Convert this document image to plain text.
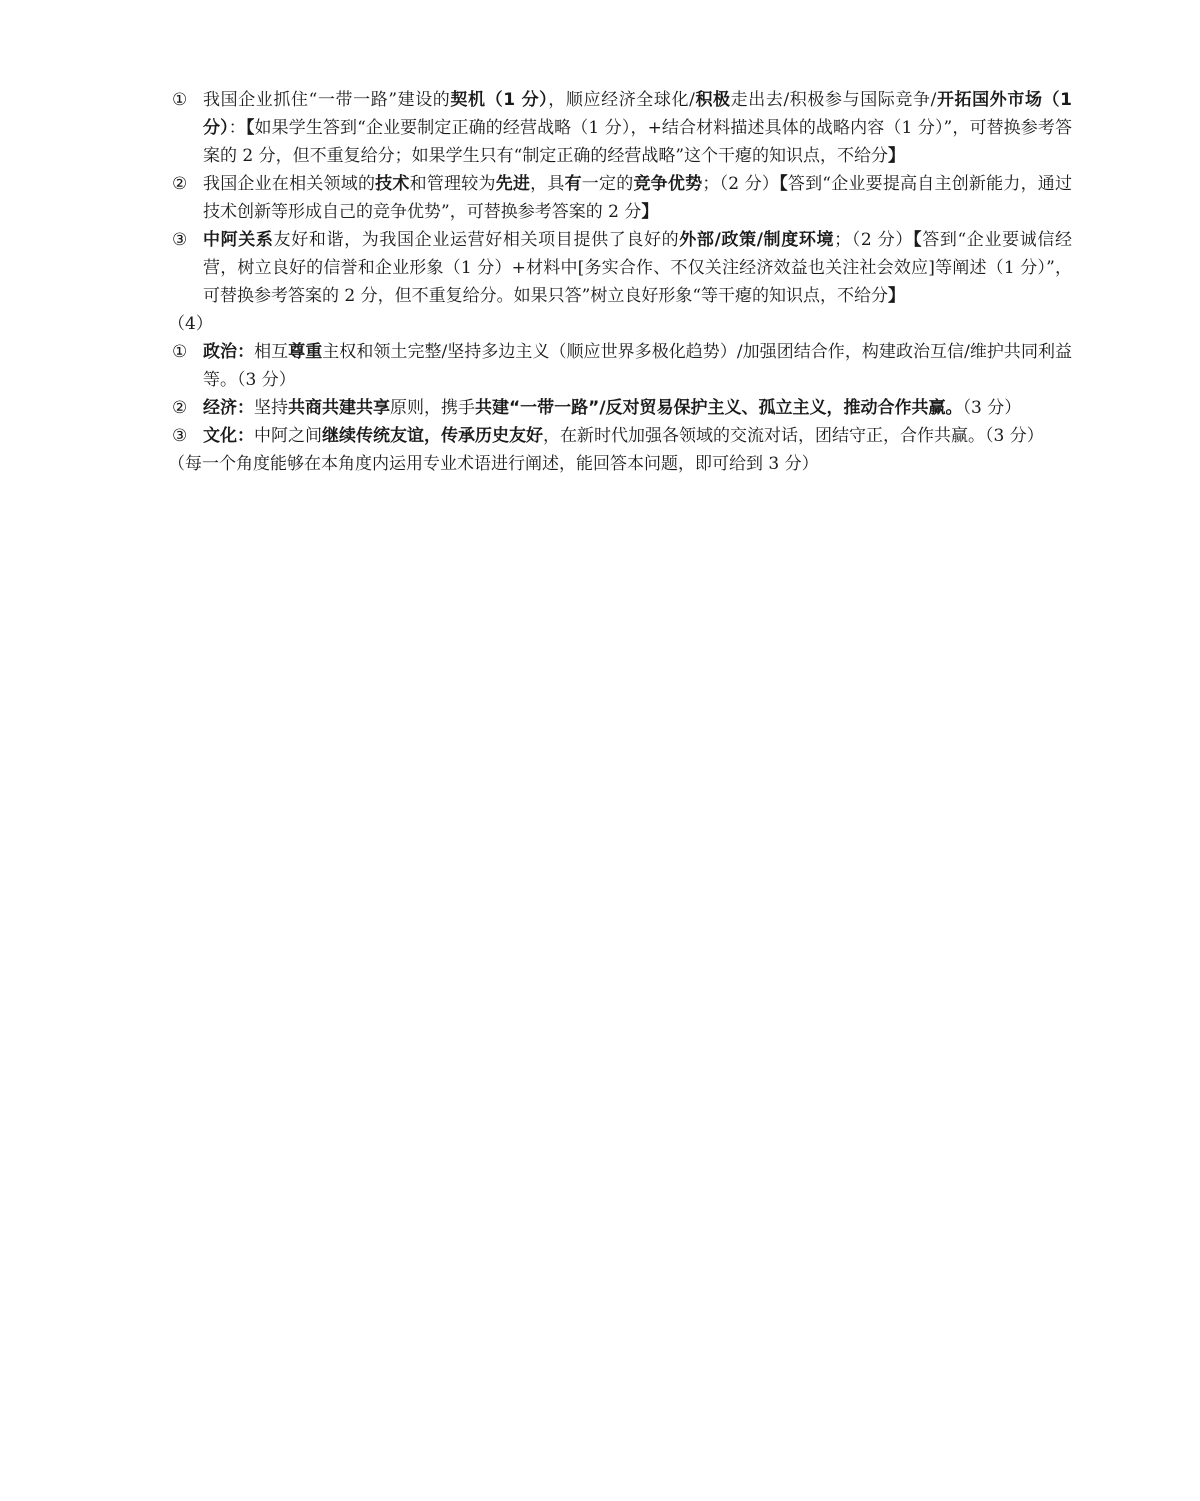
① 我国企业抓住“一带一路”建设的契机（1 分），顺应经济全球化/积极走出去/积极参与国际竞争/开拓国外市场（1 分）：【如果学生答到“企业要制定正确的经营战略（1 分），+结合材料描述具体的战略内容（1 分）”，可替换参考答案的 2 分，但不重复给分；如果学生只有“制定正确的经营战略”这个干瘪的知识点，不给分】
② 我国企业在相关领域的技术和管理较为先进，具有一定的竞争优势；（2 分）【答到“企业要提高自主创新能力，通过技术创新等形成自己的竞争优势”，可替换参考答案的 2 分】
③ 中阿关系友好和谐，为我国企业运营好相关项目提供了良好的外部/政策/制度环境；（2 分）【答到“企业要诚信经营，树立良好的信誉和企业形象（1 分）+材料中[务实合作、不仅关注经济效益也关注社会效应]等阐述（1 分）”，可替换参考答案的 2 分，但不重复给分。如果只答”树立良好形象“等干瘪的知识点，不给分】
（4）
① 政治：相互尊重主权和领土完整/坚持多边主义（顺应世界多极化趋势）/加强团结合作，构建政治互信/维护共同利益等。（3 分）
② 经济：坚持共商共建共享原则，携手共建“一带一路”/反对贸易保护主义、孤立主义，推动合作共赢。（3 分）
③ 文化：中阿之间继续传统友谊，传承历史友好，在新时代加强各领域的交流对话，团结守正，合作共赢。（3 分）
（每一个角度能够在本角度内运用专业术语进行阐述，能回答本问题，即可给到 3 分）
